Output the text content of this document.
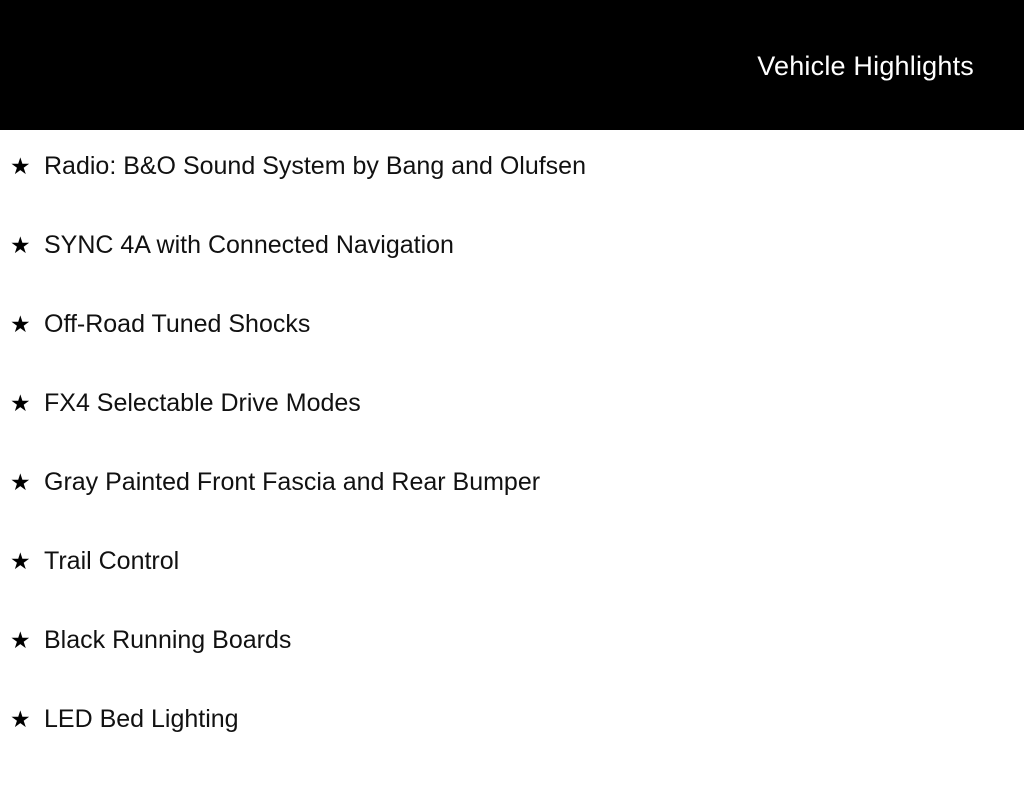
Vehicle Highlights
★ Radio: B&O Sound System by Bang and Olufsen
★ SYNC 4A with Connected Navigation
★ Off-Road Tuned Shocks
★ FX4 Selectable Drive Modes
★ Gray Painted Front Fascia and Rear Bumper
★ Trail Control
★ Black Running Boards
★ LED Bed Lighting
